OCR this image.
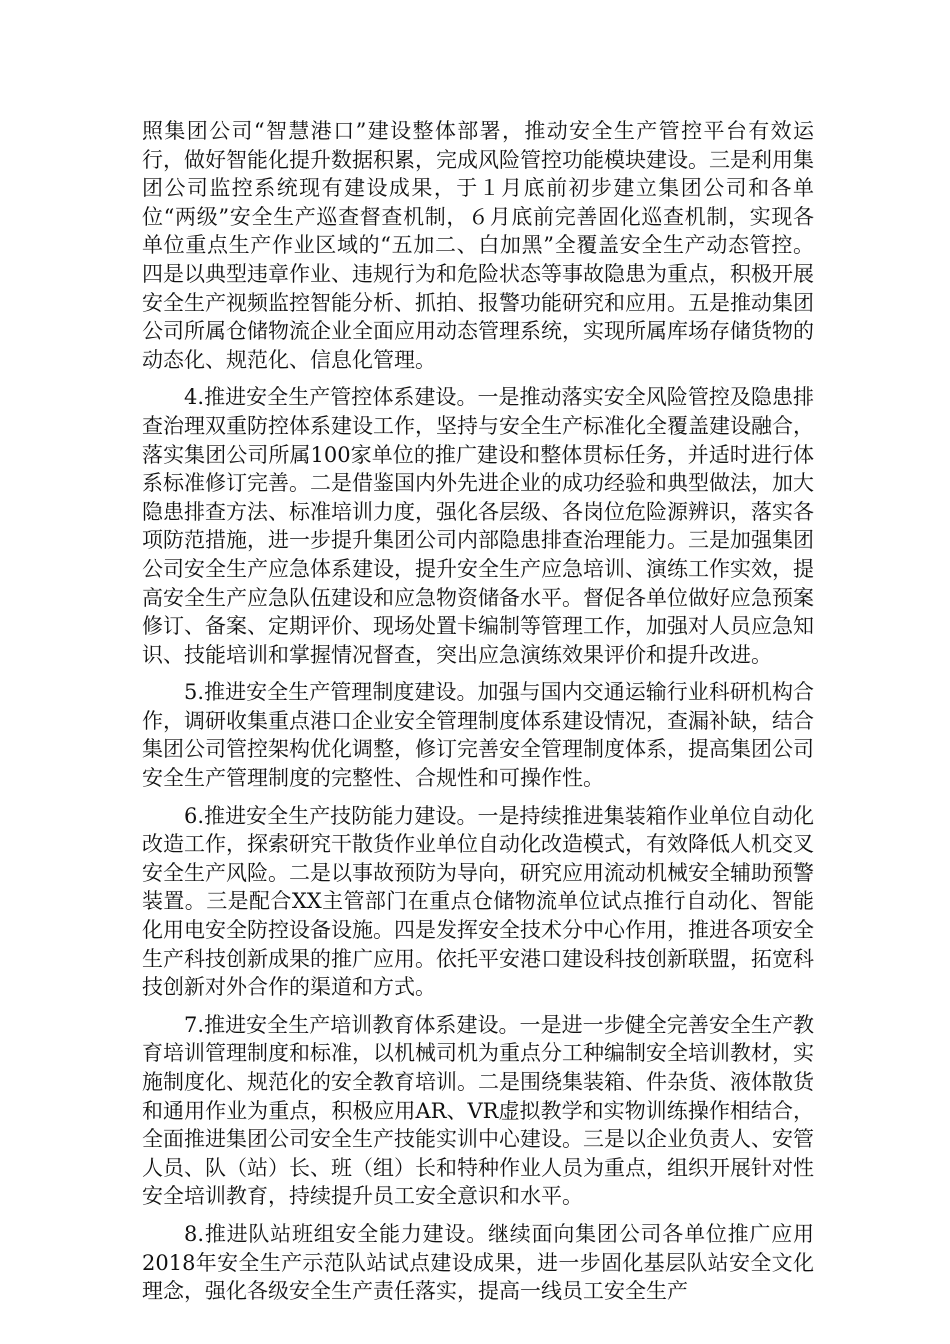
照集团公司“智慧港口”建设整体部署，推动安全生产管控平台有效运行，做好智能化提升数据积累，完成风险管控功能模块建设。三是利用集团公司监控系统现有建设成果，于１月底前初步建立集团公司和各单位“两级”安全生产巡查督查机制，６月底前完善固化巡查机制，实现各单位重点生产作业区域的“五加二、白加黑”全覆盖安全生产动态管控。四是以典型违章作业、违规行为和危险状态等事故隐患为重点，积极开展安全生产视频监控智能分析、抓拍、报警功能研究和应用。五是推动集团公司所属仓储物流企业全面应用动态管理系统，实现所属库场存储货物的动态化、规范化、信息化管理。

4.推进安全生产管控体系建设。一是推动落实安全风险管控及隐患排查治理双重防控体系建设工作，坚持与安全生产标准化全覆盖建设融合，落实集团公司所属100家单位的推广建设和整体贯标任务，并适时进行体系标准修订完善。二是借鉴国内外先进企业的成功经验和典型做法，加大隐患排查方法、标准培训力度，强化各层级、各岗位危险源辨识，落实各项防范措施，进一步提升集团公司内部隐患排查治理能力。三是加强集团公司安全生产应急体系建设，提升安全生产应急培训、演练工作实效，提高安全生产应急队伍建设和应急物资储备水平。督促各单位做好应急预案修订、备案、定期评价、现场处置卡编制等管理工作，加强对人员应急知识、技能培训和掌握情况督查，突出应急演练效果评价和提升改进。

5.推进安全生产管理制度建设。加强与国内交通运输行业科研机构合作，调研收集重点港口企业安全管理制度体系建设情况，查漏补缺，结合集团公司管控架构优化调整，修订完善安全管理制度体系，提高集团公司安全生产管理制度的完整性、合规性和可操作性。

6.推进安全生产技防能力建设。一是持续推进集装箱作业单位自动化改造工作，探索研究干散货作业单位自动化改造模式，有效降低人机交叉安全生产风险。二是以事故预防为导向，研究应用流动机械安全辅助预警装置。三是配合XX主管部门在重点仓储物流单位试点推行自动化、智能化用电安全防控设备设施。四是发挥安全技术分中心作用，推进各项安全生产科技创新成果的推广应用。依托平安港口建设科技创新联盟，拓宽科技创新对外合作的渠道和方式。

7.推进安全生产培训教育体系建设。一是进一步健全完善安全生产教育培训管理制度和标准，以机械司机为重点分工种编制安全培训教材，实施制度化、规范化的安全教育培训。二是围绕集装箱、件杂货、液体散货和通用作业为重点，积极应用AR、VR虚拟教学和实物训练操作相结合，全面推进集团公司安全生产技能实训中心建设。三是以企业负责人、安管人员、队（站）长、班（组）长和特种作业人员为重点，组织开展针对性安全培训教育，持续提升员工安全意识和水平。

8.推进队站班组安全能力建设。继续面向集团公司各单位推广应用2018年安全生产示范队站试点建设成果，进一步固化基层队站安全文化理念，强化各级安全生产责任落实，提高一线员工安全生产
